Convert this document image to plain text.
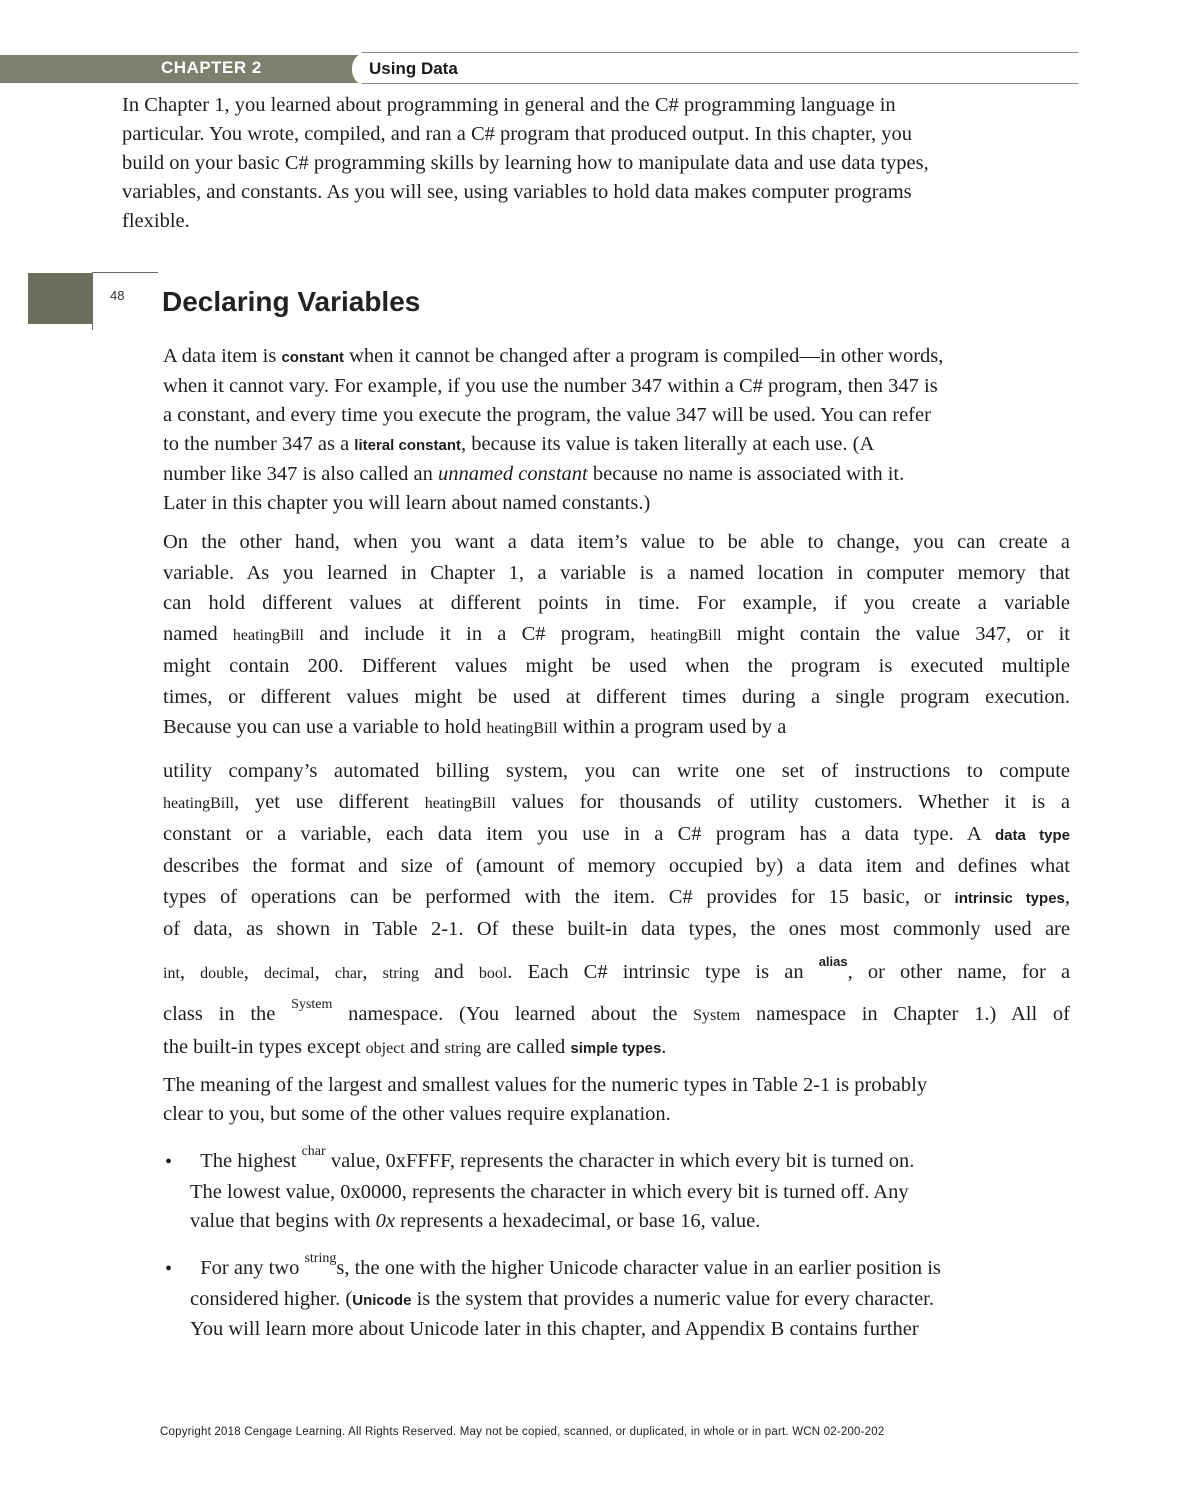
CHAPTER 2	Using Data
In Chapter 1, you learned about programming in general and the C# programming language in
particular. You wrote, compiled, and ran a C# program that produced output. In this chapter, you
build on your basic C# programming skills by learning how to manipulate data and use data types,
variables, and constants. As you will see, using variables to hold data makes computer programs
flexible.
48 Declaring Variables
A data item is constant when it cannot be changed after a program is compiled—in other words,
when it cannot vary. For example, if you use the number 347 within a C# program, then 347 is
a constant, and every time you execute the program, the value 347 will be used. You can refer
to the number 347 as a literal constant, because its value is taken literally at each use. (A
number like 347 is also called an unnamed constant because no name is associated with it.
Later in this chapter you will learn about named constants.)
On the other hand, when you want a data item’s value to be able to change, you can create a
variable. As you learned in Chapter 1, a variable is a named location in computer memory that
can hold different values at different points in time. For example, if you create a variable
named heatingBill and include it in a C# program, heatingBill might contain the value 347, or it
might contain 200. Different values might be used when the program is executed multiple
times, or different values might be used at different times during a single program execution.
Because you can use a variable to hold heatingBill within a program used by a
utility company’s automated billing system, you can write one set of instructions to compute
heatingBill, yet use different heatingBill values for thousands of utility customers. Whether it is a
constant or a variable, each data item you use in a C# program has a data type. A data type
describes the format and size of (amount of memory occupied by) a data item and defines what
types of operations can be performed with the item. C# provides for 15 basic, or intrinsic types,
of data, as shown in Table 2-1. Of these built-in data types, the ones most commonly used are
int, double, decimal, char, string and bool. Each C# intrinsic type is an $^{alias}$, or other name, for a
class in the $^{System}$ namespace. (You learned about the System namespace in Chapter 1.) All of
the built-in types except object and string are called simple types.
The meaning of the largest and smallest values for the numeric types in Table 2-1 is probably
clear to you, but some of the other values require explanation.
•	The highest $^{char}$ value, 0xFFFF, represents the character in which every bit is turned on.
The lowest value, 0x0000, represents the character in which every bit is turned off. Any
value that begins with 0x represents a hexadecimal, or base 16, value.
•	For any two $^{string}$s, the one with the higher Unicode character value in an earlier position is
considered higher. (Unicode is the system that provides a numeric value for every character.
You will learn more about Unicode later in this chapter, and Appendix B contains further
Copyright 2018 Cengage Learning. All Rights Reserved. May not be copied, scanned, or duplicated, in whole or in part. WCN 02-200-202
